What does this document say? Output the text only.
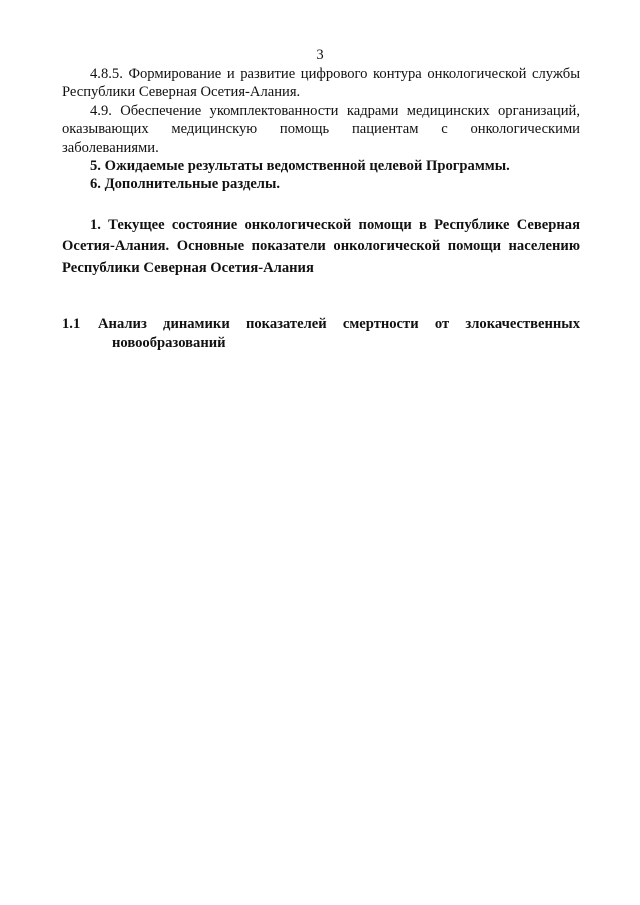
3

4.8.5. Формирование и развитие цифрового контура онкологической службы Республики Северная Осетия-Алания.

4.9. Обеспечение укомплектованности кадрами медицинских организаций, оказывающих медицинскую помощь пациентам с онкологическими заболеваниями.

5. Ожидаемые результаты ведомственной целевой Программы.

6. Дополнительные разделы.

1. Текущее состояние онкологической помощи в Республике Северная Осетия-Алания. Основные показатели онкологической помощи населению Республики Северная Осетия-Алания

1.1 Анализ динамики показателей смертности от злокачественных
новообразований
